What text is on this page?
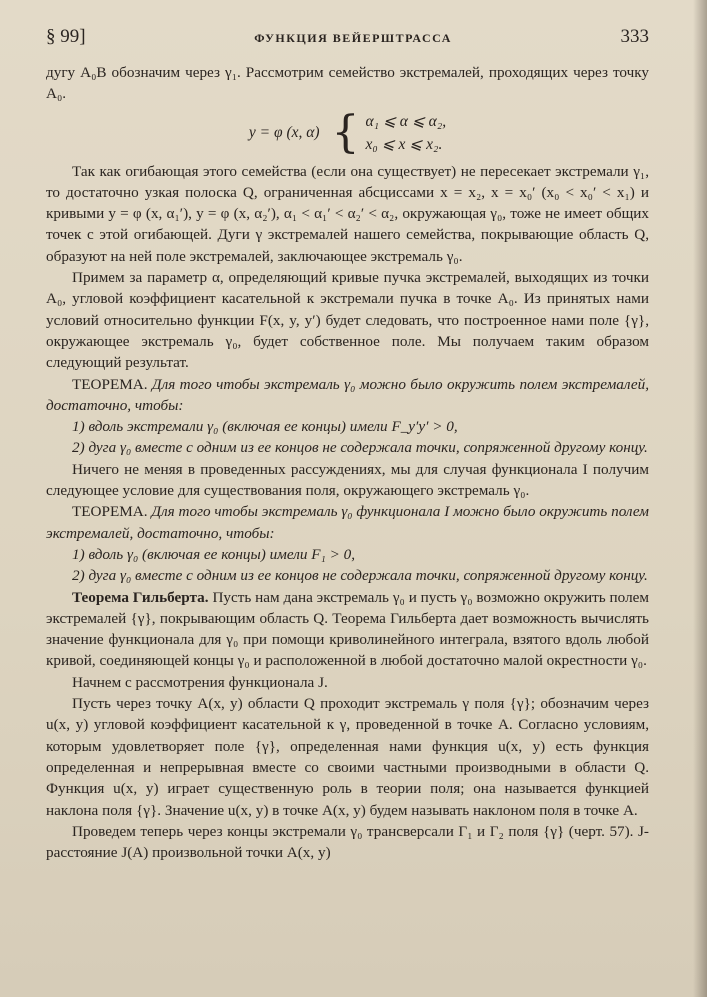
§ 99]	ФУНКЦИЯ ВЕЙЕРШТРАССА	333

дугу A₀B обозначим через γ₁. Рассмотрим семейство экстремалей, проходящих через точку A₀.

y = φ (x, α) { α₁ ⩽ α ⩽ α₂,
x₀ ⩽ x ⩽ x₂.

Так как огибающая этого семейства (если она существует) не пересекает экстремали γ₁, то достаточно узкая полоска Q, ограниченная абсциссами x = x₂, x = x₀′ (x₀ < x₀′ < x₁) и кривыми y = φ (x, α₁′), y = φ (x, α₂′), α₁ < α₁′ < α₂′ < α₂, окружающая γ₀, тоже не имеет общих точек с этой огибающей. Дуги γ экстремалей нашего семейства, покрывающие область Q, образуют на ней поле экстремалей, заключающее экстремаль γ₀.

Примем за параметр α, определяющий кривые пучка экстремалей, выходящих из точки A₀, угловой коэффициент касательной к экстремали пучка в точке A₀. Из принятых нами условий относительно функции F(x, y, y′) будет следовать, что построенное нами поле {γ}, окружающее экстремаль γ₀, будет собственное поле. Мы получаем таким образом следующий результат.

ТЕОРЕМА. Для того чтобы экстремаль γ₀ можно было окружить полем экстремалей, достаточно, чтобы:

1) вдоль экстремали γ₀ (включая ее концы) имели F_y′y′ > 0,

2) дуга γ₀ вместе с одним из ее концов не содержала точки, сопряженной другому концу.

Ничего не меняя в проведенных рассуждениях, мы для случая функционала I получим следующее условие для существования поля, окружающего экстремаль γ₀.

ТЕОРЕМА. Для того чтобы экстремаль γ₀ функционала I можно было окружить полем экстремалей, достаточно, чтобы:

1) вдоль γ₀ (включая ее концы) имели F₁ > 0,

2) дуга γ₀ вместе с одним из ее концов не содержала точки, сопряженной другому концу.

Теорема Гильберта. Пусть нам дана экстремаль γ₀ и пусть γ₀ возможно окружить полем экстремалей {γ}, покрывающим область Q. Теорема Гильберта дает возможность вычислять значение функционала для γ₀ при помощи криволинейного интеграла, взятого вдоль любой кривой, соединяющей концы γ₀ и расположенной в любой достаточно малой окрестности γ₀.

Начнем с рассмотрения функционала J.

Пусть через точку A(x, y) области Q проходит экстремаль γ поля {γ}; обозначим через u(x, y) угловой коэффициент касательной к γ, проведенной в точке A. Согласно условиям, которым удовлетворяет поле {γ}, определенная нами функция u(x, y) есть функция определенная и непрерывная вместе со своими частными производными в области Q. Функция u(x, y) играет существенную роль в теории поля; она называется функцией наклона поля {γ}. Значение u(x, y) в точке A(x, y) будем называть наклоном поля в точке A.

Проведем теперь через концы экстремали γ₀ трансверсали Γ₁ и Γ₂ поля {γ} (черт. 57). J-расстояние J(A) произвольной точки A(x, y)
